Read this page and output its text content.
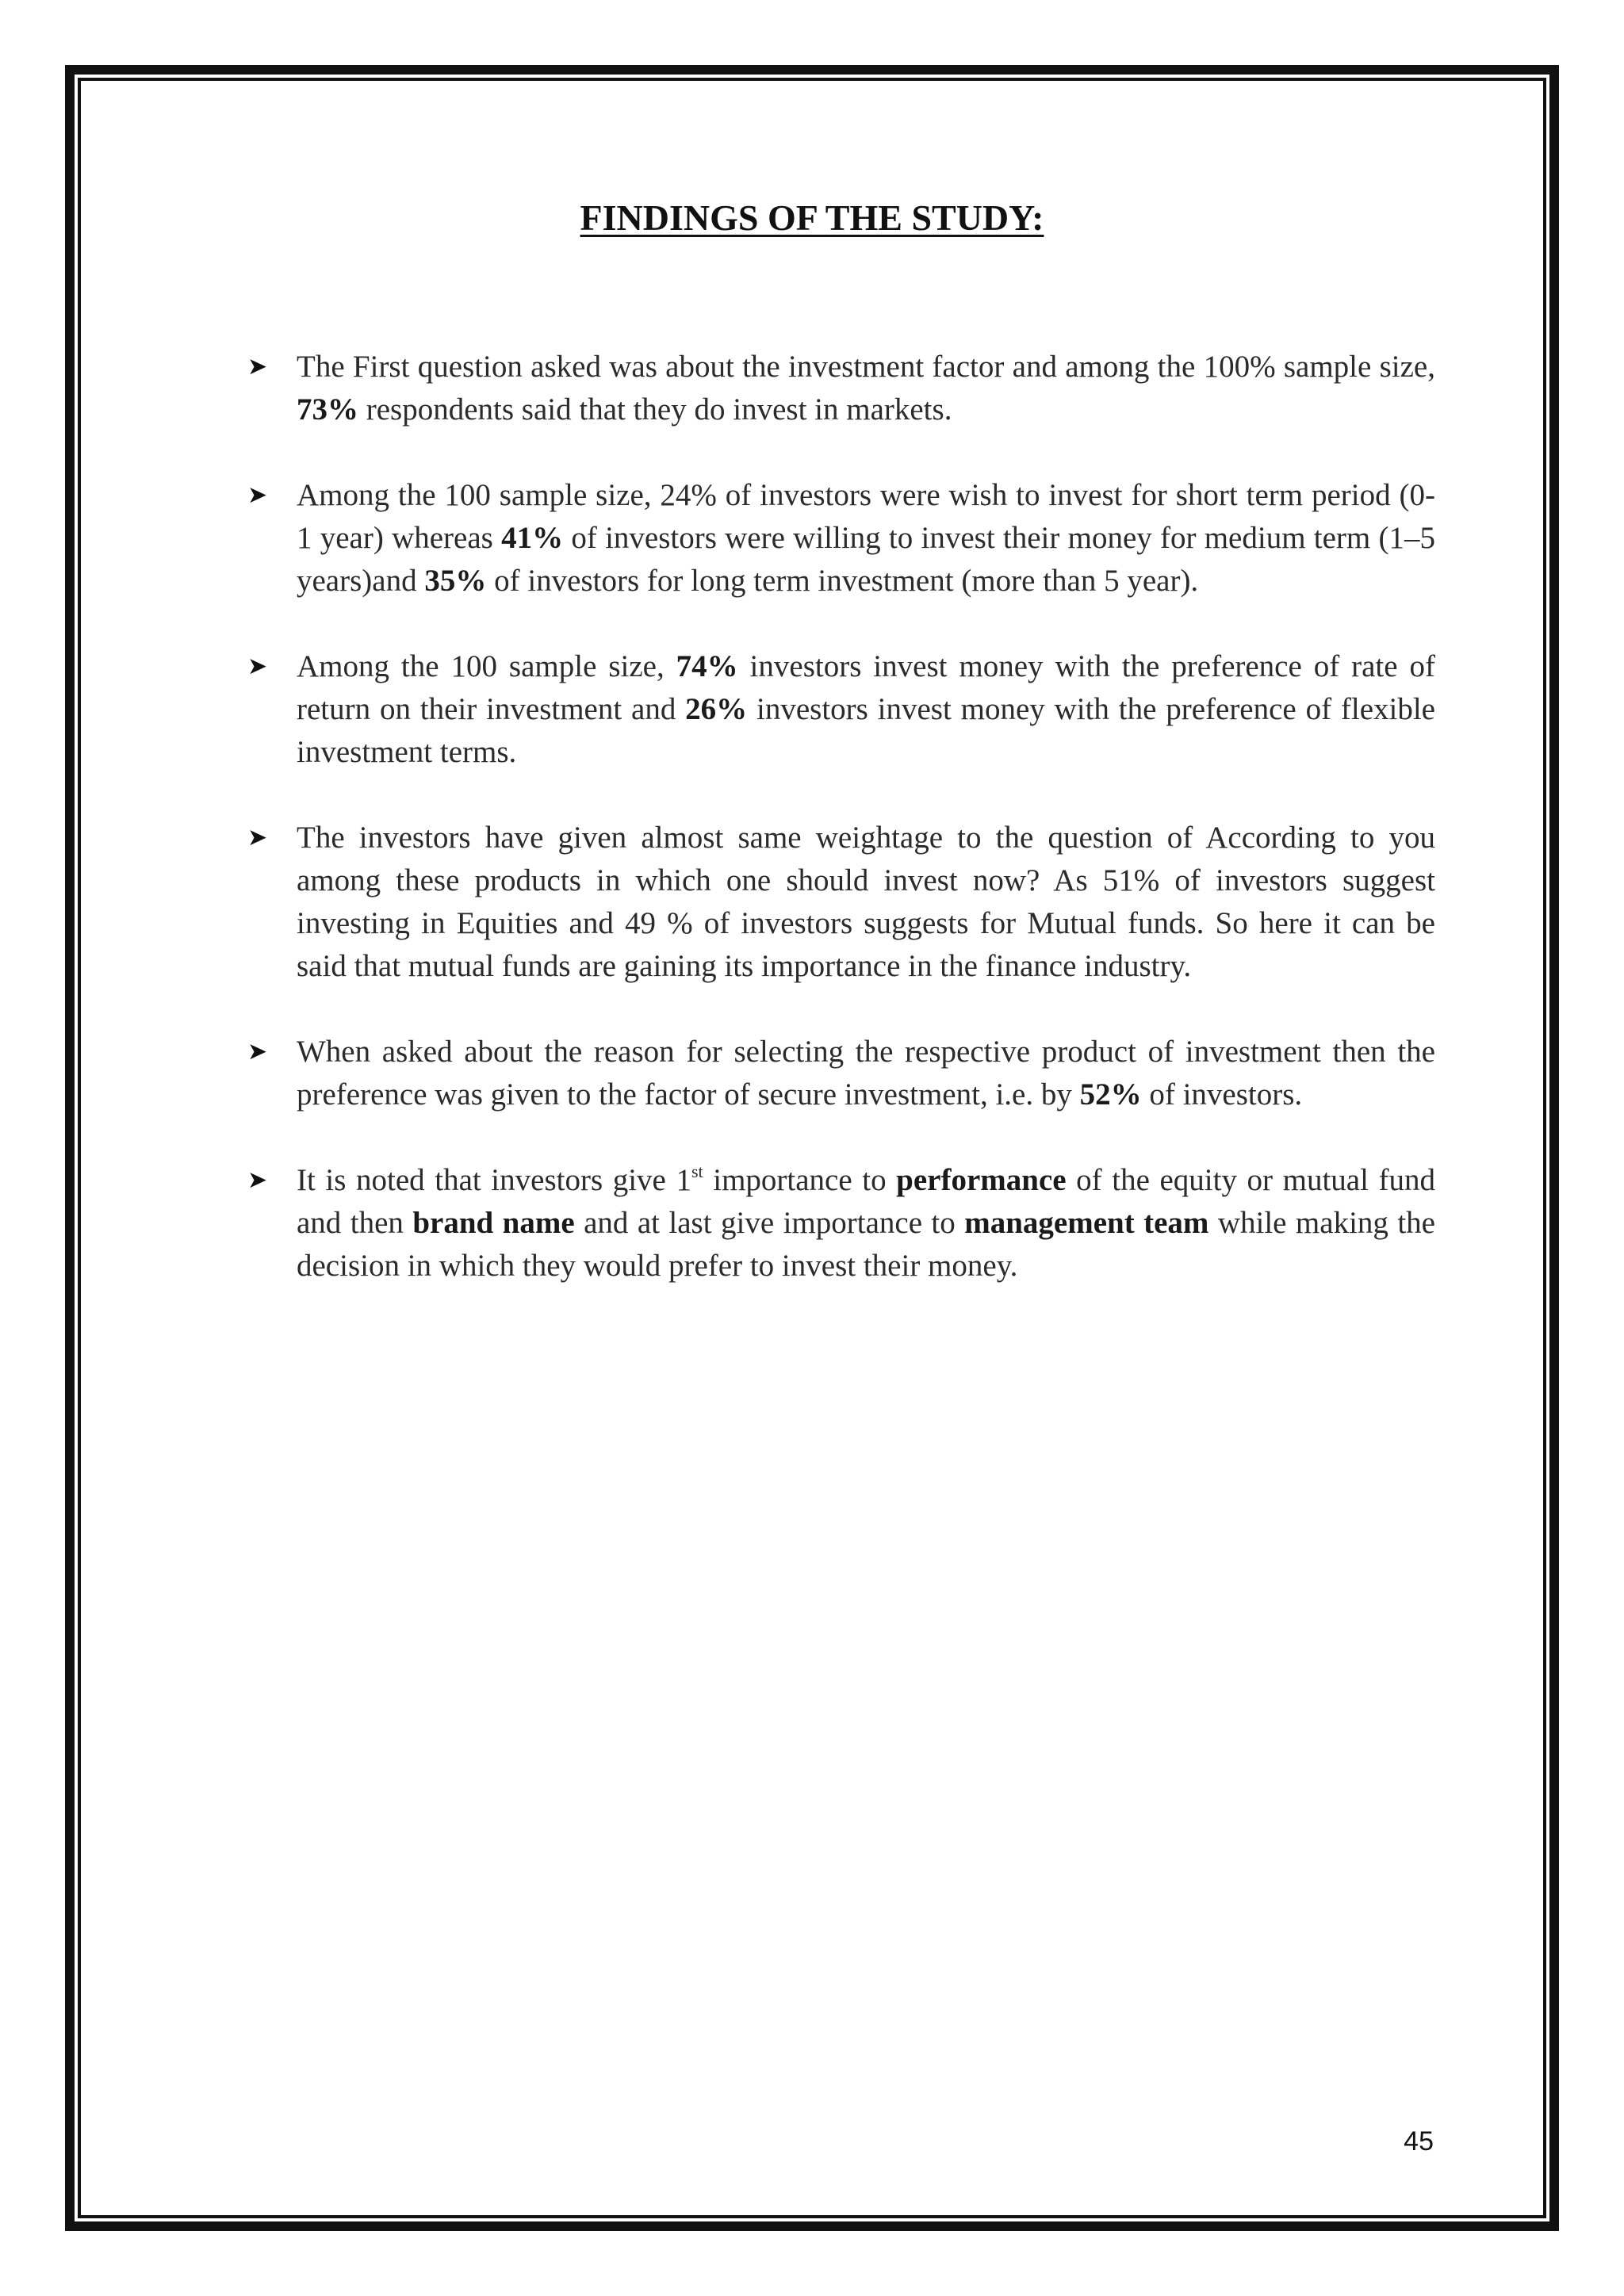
FINDINGS OF THE STUDY:
➤ The First question asked was about the investment factor and among the 100% sample size, 73% respondents said that they do invest in markets.
➤ Among the 100 sample size, 24% of investors were wish to invest for short term period (0-1 year) whereas 41% of investors were willing to invest their money for medium term (1–5 years)and 35% of investors for long term investment (more than 5 year).
➤ Among the 100 sample size, 74% investors invest money with the preference of rate of return on their investment and 26% investors invest money with the preference of flexible investment terms.
➤ The investors have given almost same weightage to the question of According to you among these products in which one should invest now? As 51% of investors suggest investing in Equities and 49 % of investors suggests for Mutual funds. So here it can be said that mutual funds are gaining its importance in the finance industry.
➤ When asked about the reason for selecting the respective product of investment then the preference was given to the factor of secure investment, i.e. by 52% of investors.
➤ It is noted that investors give 1st importance to performance of the equity or mutual fund and then brand name and at last give importance to management team while making the decision in which they would prefer to invest their money.
45
